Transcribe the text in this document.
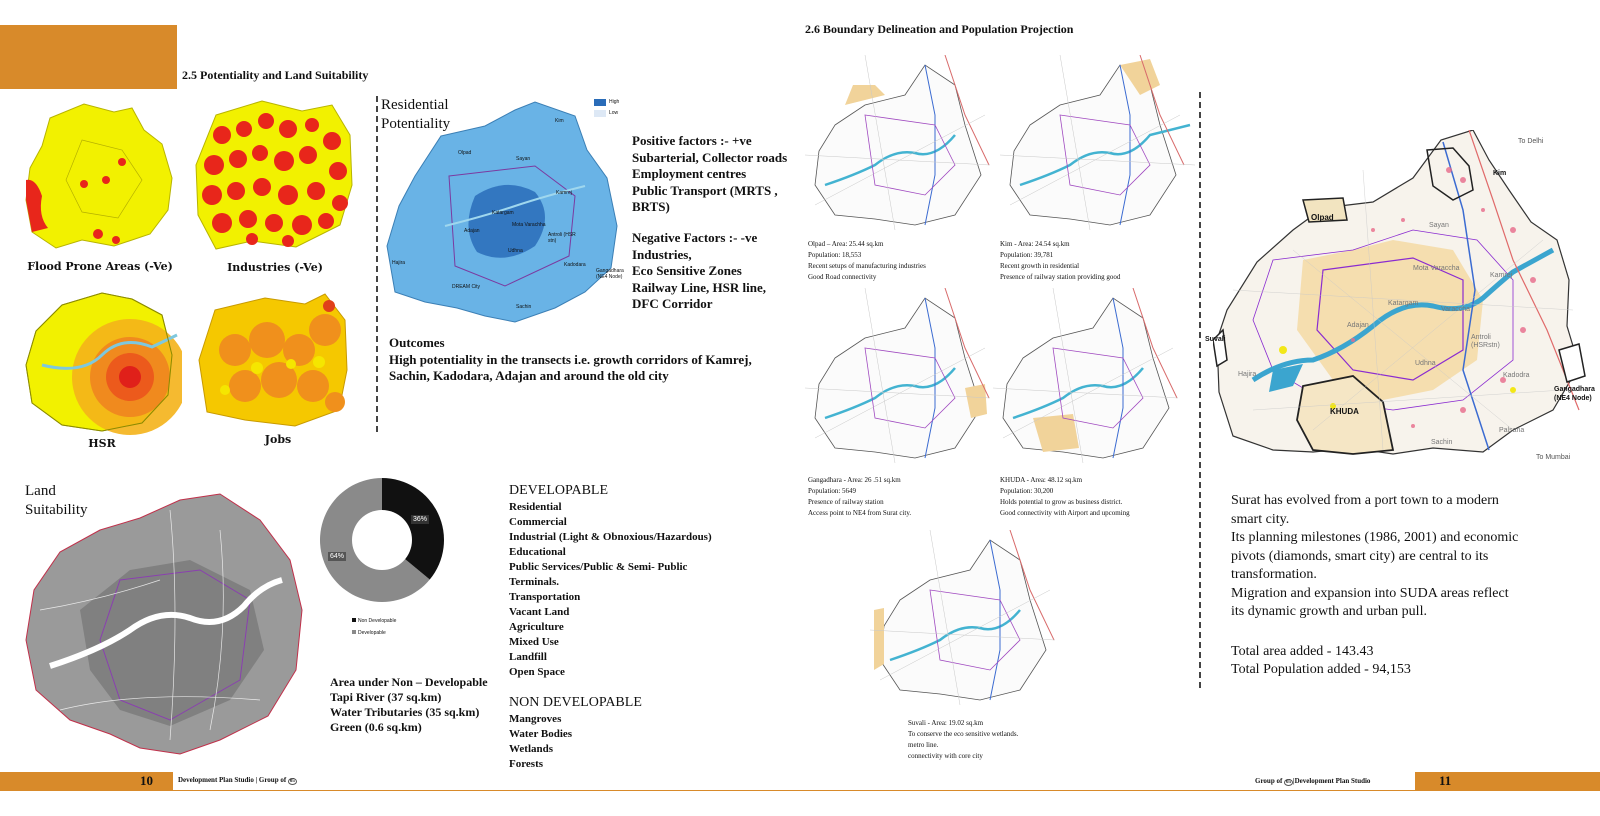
2.5 Potentiality and Land Suitability
Flood Prone Areas (-Ve)	Industries (-Ve)
HSR	Jobs
Residential
Potentiality	Kim
Olpad
Sayan
Mota Varachha
Katargam
Adajan
Kamrej
Antroli (HSR stn)
Kadodara
Udhna
Hajira
DREAM City
Sachin
Gangadhara (NE4 Node)
High
Low
Positive factors :- +ve
Subarterial, Collector roads
Employment centres
Public Transport (MRTS ,
BRTS)
Negative Factors :- -ve
Industries,
Eco Sensitive Zones
Railway Line, HSR line,
DFC Corridor
Outcomes
High potentiality in the transects i.e. growth corridors of Kamrej,
Sachin, Kadodara, Adajan and around the old city
Land
Suitability
36%
64%
Non Developable
Developable
Area under Non – Developable
Tapi River (37 sq.km)
Water Tributaries (35 sq.km)
Green (0.6 sq.km)
DEVELOPABLE
Residential
Commercial
Industrial (Light & Obnoxious/Hazardous)
Educational
Public Services/Public & Semi- Public
Terminals.
Transportation
Vacant Land
Agriculture
Mixed Use
Landfill
Open Space
NON DEVELOPABLE
Mangroves
Water Bodies
Wetlands
Forests
10	Development Plan Studio | Group of 05
2.6 Boundary Delineation and Population Projection
Olpad – Area: 25.44 sq.km
Population: 18,553
Recent setups of manufacturing industries
Good Road connectivity
Kim - Area: 24.54 sq.km
Population: 39,781
Recent growth in residential
Presence of railway station providing good
Gangadhara - Area: 26 .51 sq.km
Population: 5649
Presence of railway station
Access point to NE4 from Surat city.
KHUDA - Area: 48.12 sq.km
Population: 30,200
Holds potential to grow as business district.
Good connectivity with Airport and upcoming
Suvali - Area: 19.02 sq.km
To conserve the eco sensitive wetlands.
metro line.
connectivity with core city
To Delhi
Kim
Olpad
Sayan
Mota Varaccha
Kamrej
Katargam
Varaccha
Suvali
Adajan
Antroli (HSRstn)
Udhna
Hajira	Kadodra
Gangadhara (NE4 Node)
KHUDA
Palsana
Sachin
To Mumbai
Surat has evolved from a port town to a modern
smart city.
Its planning milestones (1986, 2001) and economic
pivots (diamonds, smart city) are central to its
transformation.
Migration and expansion into SUDA areas reflect
its dynamic growth and urban pull.
Total area added - 143.43
Total Population added - 94,153
Group of 05 |Development Plan Studio	11
